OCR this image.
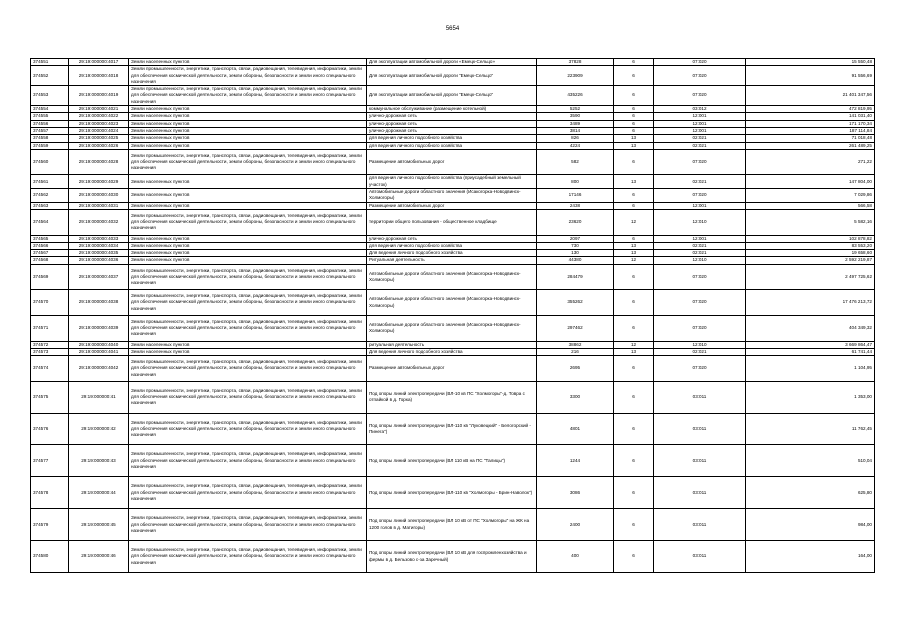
5654
374551	29:19:000000:4017	Земли населенных пунктов	Для эксплуатации автомобильной дороги «Емецк-Сельцо»	37828	6	07:020	15 550,48
374552	29:19:000000:4018	Земли промышленности, энергетики, транспорта, связи, радиовещания, телевидения, информатики, земли для обеспечения космической деятельности, земли обороны, безопасности и земли иного специального назначения	Для эксплуатации автомобильной дороги "Емецк-Сельцо"	223909	6	07:020	91 556,69
374553	29:19:000000:4019	Земли промышленности, энергетики, транспорта, связи, радиовещания, телевидения, информатики, земли для обеспечения космической деятельности, земли обороны, безопасности и земли иного специального назначения	Для эксплуатации автомобильной дороги "Емецк-Сельцо"	435226	6	07:020	21 401 347,56
374554	29:19:000000:4021	Земли населенных пунктов	коммунальное обслуживание (размещение котельной)	5252	6	03:012	472 819,95
374555	29:19:000000:4022	Земли населенных пунктов	улично-дорожная сеть	3590	6	12:001	141 031,40
374556	29:19:000000:4023	Земли населенных пунктов	улично-дорожная сеть	3489	6	12:001	171 170,34
374557	29:19:000000:4024	Земли населенных пунктов	улично-дорожная сеть	3814	6	12:001	187 114,84
374558	29:19:000000:4025	Земли населенных пунктов	для ведения личного подсобного хозяйства	826	13	02:021	71 018,48
374559	29:19:000000:4026	Земли населенных пунктов	для ведения личного подсобного хозяйства	4224	13	02:021	261 489,25
374560	29:19:000000:4028	Земли промышленности, энергетики, транспорта, связи, радиовещания, телевидения, информатики, земли для обеспечения космической деятельности, земли обороны, безопасности и земли иного специального назначения	Размещение автомобильных дорог	582	6	07:020	271,22
374561	29:19:000000:4029	Земли населенных пунктов	для ведения личного подсобного хозяйства (приусадебный земельный участок)	800	13	02:021	147 804,00
374562	29:19:000000:4030	Земли населенных пунктов	Автомобильные дороги областного значения (Исакогорка-Новодвинск-Холмогоры)	17146	6	07:020	7 029,86
374563	29:19:000000:4031	Земли населенных пунктов	Размещение автомобильных дорог	2438	6	12:001	566,58
374564	29:19:000000:4032	Земли промышленности, энергетики, транспорта, связи, радиовещания, телевидения, информатики, земли для обеспечения космической деятельности, земли обороны, безопасности и земли иного специального назначения	территории общего пользования - общественное кладбище	23620	12	12:010	5 582,16
374565	29:19:000000:4033	Земли населенных пунктов	улично-дорожная сеть	2097	6	12:001	102 878,82
374566	29:19:000000:4034	Земли населенных пунктов	для ведения личного подсобного хозяйства	730	13	02:021	83 553,20
374567	29:19:000000:4035	Земли населенных пунктов	Для ведения личного подсобного хозяйства	130	13	02:021	19 658,60
374568	29:19:000000:4036	Земли населенных пунктов	Ритуальная деятельность	44380	12	12:010	2 592 219,87
374569	29:19:000000:4037	Земли промышленности, энергетики, транспорта, связи, радиовещания, телевидения, информатики, земли для обеспечения космической деятельности, земли обороны, безопасности и земли иного специального назначения	Автомобильные дороги областного значения (Исакогорка-Новодвинск-Холмогоры)	284479	6	07:020	2 497 725,62
374570	29:19:000000:4038	Земли промышленности, энергетики, транспорта, связи, радиовещания, телевидения, информатики, земли для обеспечения космической деятельности, земли обороны, безопасности и земли иного специального назначения	Автомобильные дороги областного значения (Исакогорка-Новодвинск-Холмогоры)	355262	6	07:020	17 476 213,72
374571	29:19:000000:4039	Земли промышленности, энергетики, транспорта, связи, радиовещания, телевидения, информатики, земли для обеспечения космической деятельности, земли обороны, безопасности и земли иного специального назначения	Автомобильные дороги областного значения (Исакогорка-Новодвинск-Холмогоры)	297462	6	07:020	404 349,32
374572	29:19:000000:4040	Земли населенных пунктов	ритуальная деятельность	38862	12	12:010	3 669 864,47
374573	29:19:000000:4041	Земли населенных пунктов	Для ведения личного подсобного хозяйства	216	13	02:021	61 741,44
374574	29:19:000000:4042	Земли промышленности, энергетики, транспорта, связи, радиовещания, телевидения, информатики, земли для обеспечения космической деятельности, земли обороны, безопасности и земли иного специального назначения	Размещение автомобильных дорог	2695	6	07:020	1 104,95
374575	29:19:000000:41	Земли промышленности, энергетики, транспорта, связи, радиовещания, телевидения, информатики, земли для обеспечения космической деятельности, земли обороны, безопасности и земли иного специального назначения	Под опоры линий электропередачи (ВЛ-10 кв ПС "Холмогоры"-д. Товра с отпайкой в д. Горка)	3300	6	03:011	1 353,00
374576	29:19:000000:42	Земли промышленности, энергетики, транспорта, связи, радиовещания, телевидения, информатики, земли для обеспечения космической деятельности, земли обороны, безопасности и земли иного специального назначения	Под опоры линий электропередачи (ВЛ-110 кв "Луковецкий" - Белогорский - Пинега")	4801	6	03:011	11 762,45
374577	29:19:000000:43	Земли промышленности, энергетики, транспорта, связи, радиовещания, телевидения, информатики, земли для обеспечения космической деятельности, земли обороны, безопасности и земли иного специального назначения	Под опоры линий электропередачи (ВЛ 110 кВ на ПС "Талицы")	1244	6	03:011	510,04
374578	29:19:000000:44	Земли промышленности, энергетики, транспорта, связи, радиовещания, телевидения, информатики, земли для обеспечения космической деятельности, земли обороны, безопасности и земли иного специального назначения	Под опоры линий электропередачи (ВЛ-110 кв "Холмогоры - Брин-Наволок")	3086	6	03:011	625,80
374579	29:19:000000:45	Земли промышленности, энергетики, транспорта, связи, радиовещания, телевидения, информатики, земли для обеспечения космической деятельности, земли обороны, безопасности и земли иного специального назначения	Под опоры линий электропередачи (ВЛ 10 кВ от ПС "Холмогоры" на ЖК на 1200 голов в д. Матигоры)	2400	6	03:011	984,00
374580	29:19:000000:46	Земли промышленности, энергетики, транспорта, связи, радиовещания, телевидения, информатики, земли для обеспечения космической деятельности, земли обороны, безопасности и земли иного специального назначения	Под опоры линий электропередачи (ВЛ 10 кВ для госпромленхозяйства и фермы в д. Бельзово с-за Заречный)	400	6	03:011	164,00
